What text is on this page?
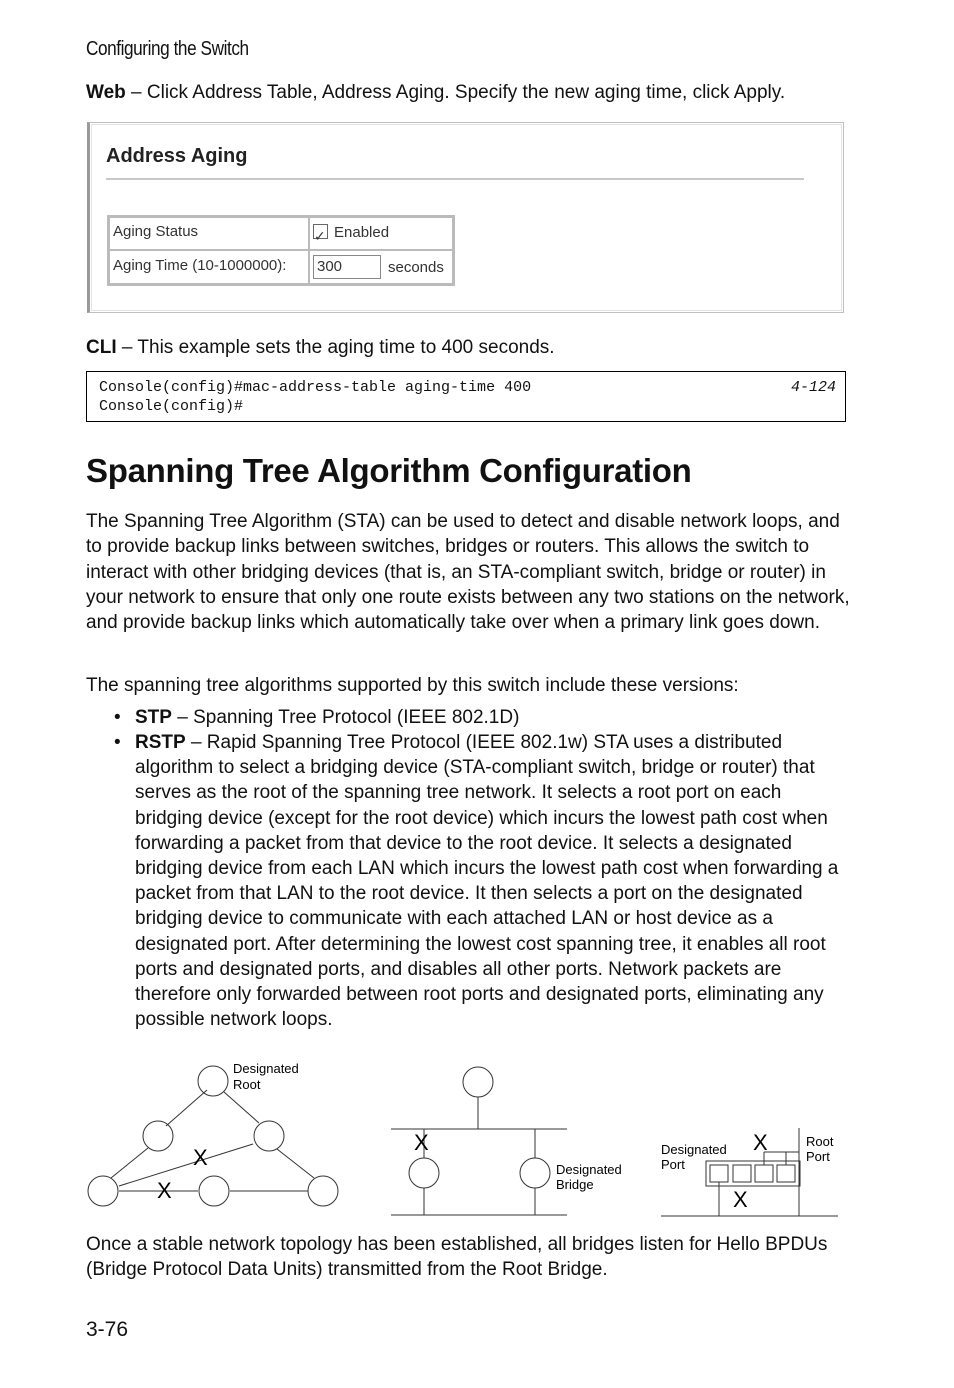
Configuring the Switch
Web – Click Address Table, Address Aging. Specify the new aging time, click Apply.
Address Aging
Aging Status
✓	Enabled
Aging Time (10-1000000):	300	seconds
CLI – This example sets the aging time to 400 seconds.
Console(config)#mac-address-table aging-time 400
Console(config)#
4-124
Spanning Tree Algorithm Configuration
The Spanning Tree Algorithm (STA) can be used to detect and disable network loops, and to provide backup links between switches, bridges or routers. This allows the switch to interact with other bridging devices (that is, an STA-compliant switch, bridge or router) in your network to ensure that only one route exists between any two stations on the network, and provide backup links which automatically take over when a primary link goes down.
The spanning tree algorithms supported by this switch include these versions:
• STP – Spanning Tree Protocol (IEEE 802.1D)
• RSTP – Rapid Spanning Tree Protocol (IEEE 802.1w) STA uses a distributed algorithm to select a bridging device (STA-compliant switch, bridge or router) that serves as the root of the spanning tree network. It selects a root port on each bridging device (except for the root device) which incurs the lowest path cost when forwarding a packet from that device to the root device. It selects a designated bridging device from each LAN which incurs the lowest path cost when forwarding a packet from that LAN to the root device. It then selects a port on the designated bridging device to communicate with each attached LAN or host device as a designated port. After determining the lowest cost spanning tree, it enables all root ports and designated ports, and disables all other ports. Network packets are therefore only forwarded between root ports and designated ports, eliminating any possible network loops.
Designated
Root
X
X
X
Designated
Bridge
Designated
Port
Root
Port
X
X
Once a stable network topology has been established, all bridges listen for Hello BPDUs (Bridge Protocol Data Units) transmitted from the Root Bridge.
3-76
